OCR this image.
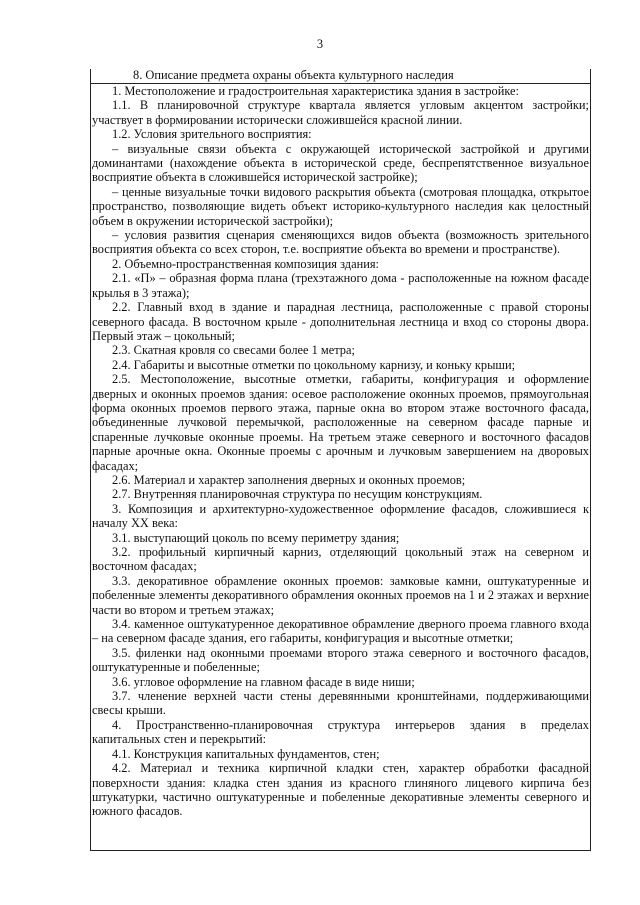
3
8. Описание предмета охраны объекта культурного наследия

1. Местоположение и градостроительная характеристика здания в застройке:

1.1. В планировочной структуре квартала является угловым акцентом застройки; участвует в формировании исторически сложившейся красной линии.

1.2. Условия зрительного восприятия:

– визуальные связи объекта с окружающей исторической застройкой и другими доминантами (нахождение объекта в исторической среде, беспрепятственное визуальное восприятие объекта в сложившейся исторической застройке);

– ценные визуальные точки видового раскрытия объекта (смотровая площадка, открытое пространство, позволяющие видеть объект историко-культурного наследия как целостный объем в окружении исторической застройки);

– условия развития сценария сменяющихся видов объекта (возможность зрительного восприятия объекта со всех сторон, т.е. восприятие объекта во времени и пространстве).

2. Объемно-пространственная композиция здания:

2.1. «П» – образная форма плана (трехэтажного дома - расположенные на южном фасаде крылья в 3 этажа);

2.2. Главный вход в здание и парадная лестница, расположенные с правой стороны северного фасада. В восточном крыле - дополнительная лестница и вход со стороны двора. Первый этаж – цокольный;

2.3. Скатная кровля со свесами более 1 метра;

2.4. Габариты и высотные отметки по цокольному карнизу, и коньку крыши;

2.5. Местоположение, высотные отметки, габариты, конфигурация и оформление дверных и оконных проемов здания: осевое расположение оконных проемов, прямоугольная форма оконных проемов первого этажа, парные окна во втором этаже восточного фасада, объединенные лучковой перемычкой, расположенные на северном фасаде парные и спаренные лучковые оконные проемы. На третьем этаже северного и восточного фасадов парные арочные окна. Оконные проемы с арочным и лучковым завершением на дворовых фасадах;

2.6. Материал и характер заполнения дверных и оконных проемов;

2.7. Внутренняя планировочная структура по несущим конструкциям.

3. Композиция и архитектурно-художественное оформление фасадов, сложившиеся к началу XX века:

3.1. выступающий цоколь по всему периметру здания;

3.2. профильный кирпичный карниз, отделяющий цокольный этаж на северном и восточном фасадах;

3.3. декоративное обрамление оконных проемов: замковые камни, оштукатуренные и побеленные элементы декоративного обрамления оконных проемов на 1 и 2 этажах и верхние части во втором и третьем этажах;

3.4. каменное оштукатуренное декоративное обрамление дверного проема главного входа – на северном фасаде здания, его габариты, конфигурация и высотные отметки;

3.5. филенки над оконными проемами второго этажа северного и восточного фасадов, оштукатуренные и побеленные;

3.6. угловое оформление на главном фасаде в виде ниши;

3.7. членение верхней части стены деревянными кронштейнами, поддерживающими свесы крыши.

4. Пространственно-планировочная структура интерьеров здания в пределах капитальных стен и перекрытий:

4.1. Конструкция капитальных фундаментов, стен;

4.2. Материал и техника кирпичной кладки стен, характер обработки фасадной поверхности здания: кладка стен здания из красного глиняного лицевого кирпича без штукатурки, частично оштукатуренные и побеленные декоративные элементы северного и южного фасадов.
